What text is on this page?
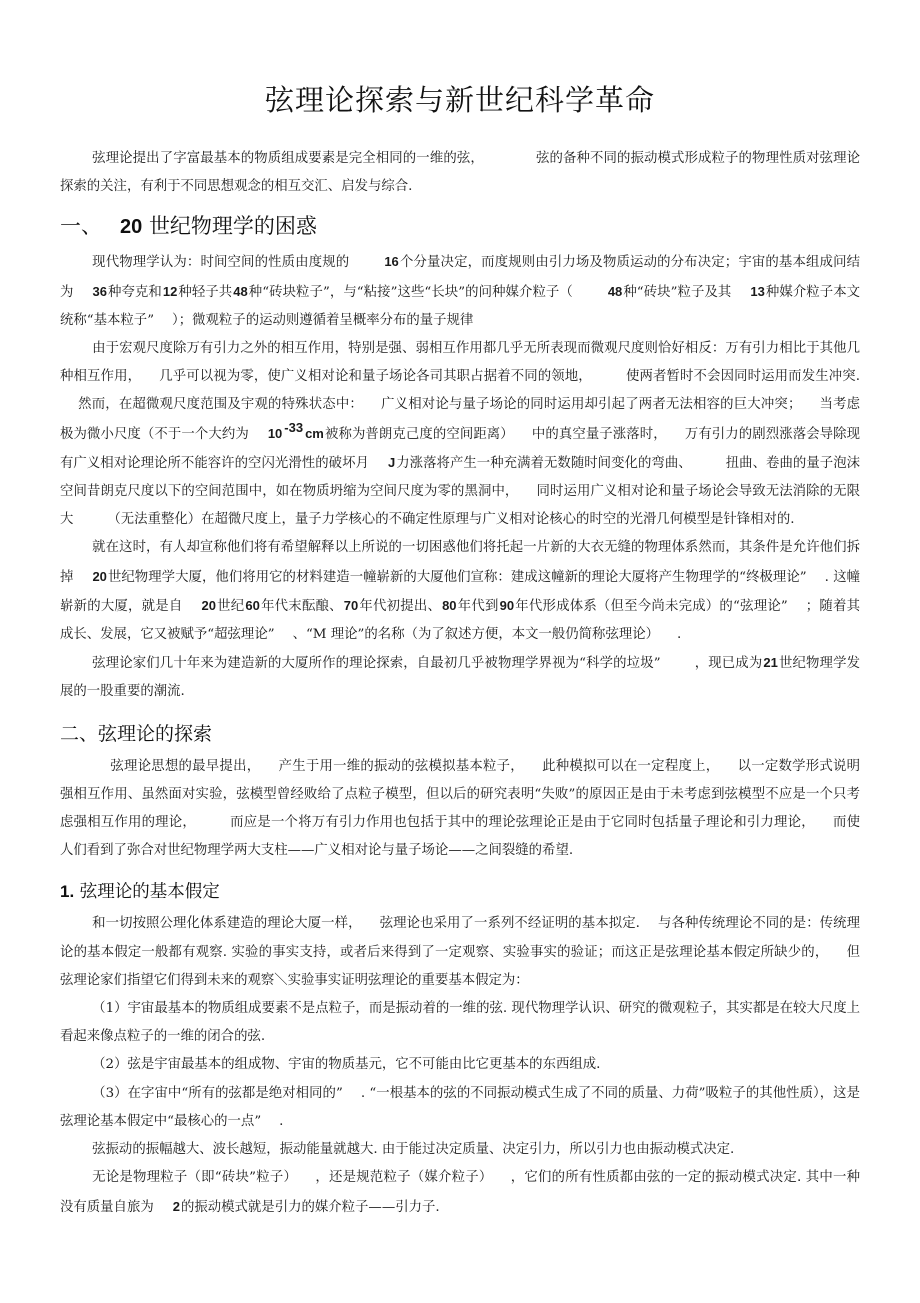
弦理论探索与新世纪科学革命

弦理论提出了字富最基本的物质组成要素是完全相同的一维的弦，	弦的备种不同的振动模式形成粒子的物理性质对弦理论探索的关注，有利于不同思想观念的相互交汇、启发与综合.

一、 20 世纪物理学的困惑

现代物理学认为：时间空间的性质由度规的	16个分量决定，而度规则由引力场及物质运动的分布决定；宇宙的基本组成问结为 36种夸克和12种轻子共48种“砖块粒子”，与“粘接”这些“长块”的问种媒介粒子（	48种“砖块”粒子及其 13种媒介粒子本文统称“基本粒子” ）；微观粒子的运动则遵循着呈概率分布的量子规律

由于宏观尺度除万有引力之外的相互作用，特别是强、弱相互作用都几乎无所表现而微观尺度则恰好相反：万有引力相比于其他几种相互作用， 几乎可以视为零，使广义相对论和量子场论各司其职占据着不同的领地，	使两者暂时不会因同时运用而发生冲突.然而，在超微观尺度范围及宇观的特殊状态中： 广义相对论与量子场论的同时运用却引起了两者无法相容的巨大冲突； 当考虑极为微小尺度（不于一个大约为 10 $^{-33}$ cm被称为普朗克己度的空间距离） 中的真空量子涨落时， 万有引力的剧烈涨落会导除现有广义相对论理论所不能容许的空闪光滑性的破坏月 J力涨落将产生一种充满着无数随时间变化的弯曲、	扭曲、卷曲的量子泡沫空间昔朗克尺度以下的空间范围中，如在物质坍缩为空间尺度为零的黑洞中， 同时运用广义相对论和量子场论会导致无法消除的无限大	（无法重整化）在超微尺度上，量子力学核心的不确定性原理与广义相对论核心的时空的光滑几何模型是针锋相对的.

就在这时，有人却宣称他们将有希望解释以上所说的一切困惑他们将托起一片新的大衣无缝的物理体系然而，其条件是允许他们拆掉 20世纪物理学大厦，他们将用它的材料建造一幢崭新的大厦他们宣称：建成这幢新的理论大厦将产生物理学的“终极理论” . 这幢崭新的大厦，就是自 20世纪60年代末酝酿、70年代初提出、80年代到90年代形成体系（但至今尚未完成）的“弦理论” ；随着其成长、发展，它又被赋予“超弦理论” 、“M 理论”的名称（为了叙述方便，本文一般仍简称弦理论） .

弦理论家们几十年来为建造新的大厦所作的理论探索，自最初几乎被物理学界视为“科学的垃圾”	，现已成为21世纪物理学发展的一股重要的潮流.

二、弦理论的探索

弦理论思想的最早提出， 产生于用一维的振动的弦模拟基本粒子， 此种模拟可以在一定程度上， 以一定数学形式说明强相互作用、虽然面对实验，弦模型曾经败给了点粒子模型，但以后的研究表明“失败”的原因正是由于未考虑到弦模型不应是一个只考虑强相互作用的理论，	而应是一个将万有引力作用也包括于其中的理论弦理论正是由于它同时包括量子理论和引力理论， 而使人们看到了弥合对世纪物理学两大支柱——广义相对论与量子场论——之间裂缝的希望.

1. 弦理论的基本假定

和一切按照公理化体系建造的理论大厦一样， 弦理论也采用了一系列不经证明的基本拟定. 与各种传统理论不同的是：传统理论的基本假定一般都有观察. 实验的事实支持，或者后来得到了一定观察、实验事实的验证；而这正是弦理论基本假定所缺少的， 但弦理论家们指望它们得到未来的观察＼实验事实证明弦理论的重要基本假定为：

（1）宇宙最基本的物质组成要素不是点粒子，而是振动着的一维的弦. 现代物理学认识、研究的微观粒子，其实都是在较大尺度上看起来像点粒子的一维的闭合的弦.

（2）弦是宇宙最基本的组成物、宇宙的物质基元，它不可能由比它更基本的东西组成.

（3）在字宙中“所有的弦都是绝对相同的” . “一根基本的弦的不同振动模式生成了不同的质量、力荷”吸粒子的其他性质），这是弦理论基本假定中“最核心的一点” .

弦振动的振幅越大、波长越短，振动能量就越大. 由于能过决定质量、决定引力，所以引力也由振动模式决定.

无论是物理粒子（即“砖块”粒子） ，还是规范粒子（媒介粒子） ，它们的所有性质都由弦的一定的振动模式决定. 其中一种没有质量自旅为 2的振动模式就是引力的媒介粒子——引力子.
